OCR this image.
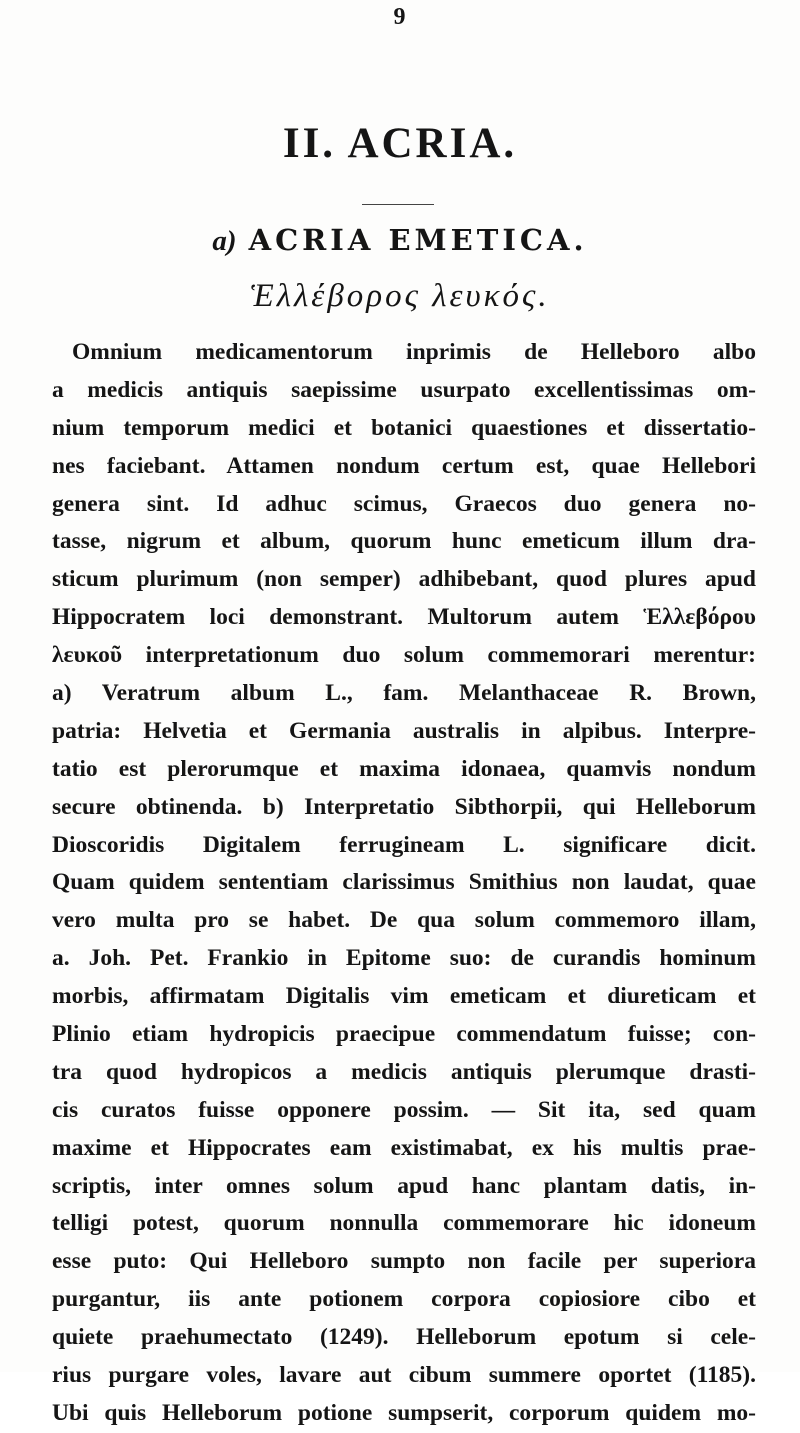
9
II. ACRIA.
a) ACRIA EMETICA.
Ἑλλέβορος λευκός.
Omnium medicamentorum inprimis de Helleboro albo
a medicis antiquis saepissime usurpato excellentissimas om-
nium temporum medici et botanici quaestiones et dissertatio-
nes faciebant. Attamen nondum certum est, quae Hellebori
genera sint. Id adhuc scimus, Graecos duo genera no-
tasse, nigrum et album, quorum hunc emeticum illum dra-
sticum plurimum (non semper) adhibebant, quod plures apud
Hippocratem loci demonstrant. Multorum autem Ἑλλεβόρου
λευκοῦ interpretationum duo solum commemorari merentur:
a) Veratrum album L., fam. Melanthaceae R. Brown,
patria: Helvetia et Germania australis in alpibus. Interpre-
tatio est plerorumque et maxima idonaea, quamvis nondum
secure obtinenda. b) Interpretatio Sibthorpii, qui Helleborum
Dioscoridis Digitalem ferrugineam L. significare dicit.
Quam quidem sententiam clarissimus Smithius non laudat, quae
vero multa pro se habet. De qua solum commemoro illam,
a. Joh. Pet. Frankio in Epitome suo: de curandis hominum
morbis, affirmatam Digitalis vim emeticam et diureticam et
Plinio etiam hydropicis praecipue commendatum fuisse; con-
tra quod hydropicos a medicis antiquis plerumque drasti-
cis curatos fuisse opponere possim. — Sit ita, sed quam
maxime et Hippocrates eam existimabat, ex his multis prae-
scriptis, inter omnes solum apud hanc plantam datis, in-
telligi potest, quorum nonnulla commemorare hic idoneum
esse puto: Qui Helleboro sumpto non facile per superiora
purgantur, iis ante potionem corpora copiosiore cibo et
quiete praehumectato (1249). Helleborum epotum si cele-
rius purgare voles, lavare aut cibum summere oportet (1185).
Ubi quis Helleborum potione sumpserit, corporum quidem mo-
